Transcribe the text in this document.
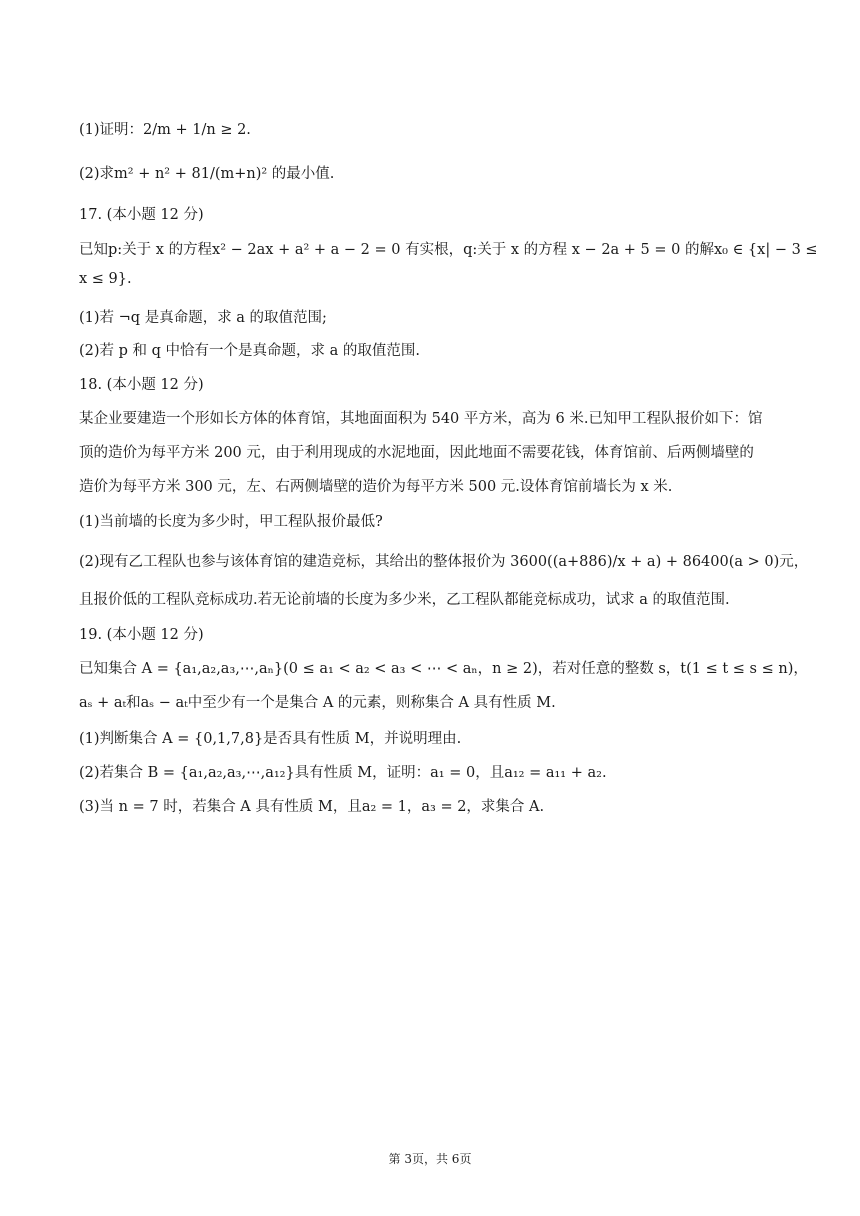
(1)证明：2/m + 1/n ≥ 2.
(2)求m² + n² + 81/(m+n)² 的最小值.
17. (本小题 12 分)
已知p:关于 x 的方程x² − 2ax + a² + a − 2 = 0 有实根，q:关于 x 的方程 x − 2a + 5 = 0 的解x₀ ∈ {x| − 3 ≤
x ≤ 9}.
(1)若 ¬q 是真命题，求 a 的取值范围;
(2)若 p 和 q 中恰有一个是真命题，求 a 的取值范围.
18. (本小题 12 分)
某企业要建造一个形如长方体的体育馆，其地面面积为 540 平方米，高为 6 米.已知甲工程队报价如下：馆
顶的造价为每平方米 200 元，由于利用现成的水泥地面，因此地面不需要花钱，体育馆前、后两侧墙壁的
造价为每平方米 300 元，左、右两侧墙壁的造价为每平方米 500 元.设体育馆前墙长为 x 米.
(1)当前墙的长度为多少时，甲工程队报价最低?
(2)现有乙工程队也参与该体育馆的建造竞标，其给出的整体报价为 3600((a+886)/x + a) + 86400(a > 0)元，
且报价低的工程队竞标成功.若无论前墙的长度为多少米，乙工程队都能竞标成功，试求 a 的取值范围.
19. (本小题 12 分)
已知集合 A = {a₁,a₂,a₃,⋯,aₙ}(0 ≤ a₁ < a₂ < a₃ < ⋯ < aₙ，n ≥ 2)，若对任意的整数 s，t(1 ≤ t ≤ s ≤ n)，
aₛ + aₜ和aₛ − aₜ中至少有一个是集合 A 的元素，则称集合 A 具有性质 M.
(1)判断集合 A = {0,1,7,8}是否具有性质 M，并说明理由.
(2)若集合 B = {a₁,a₂,a₃,⋯,a₁₂}具有性质 M，证明：a₁ = 0，且a₁₂ = a₁₁ + a₂.
(3)当 n = 7 时，若集合 A 具有性质 M，且a₂ = 1，a₃ = 2，求集合 A.
第 3页，共 6页
